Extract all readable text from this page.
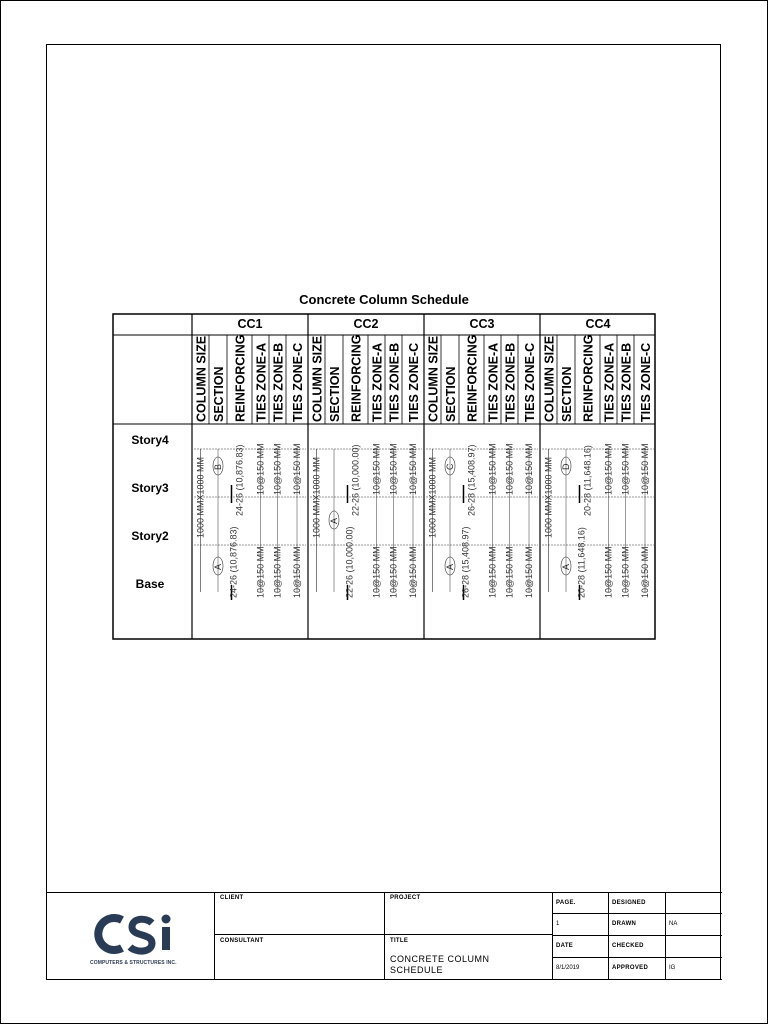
Concrete Column Schedule
Story4
Story3
Story2
Base
CC1
COLUMN SIZE SECTION REINFORCING TIES ZONE-A TIES ZONE-B TIES ZONE-C
1000 MMX1000 MM
A
B 24-26 (10,876.83)
24-26 (10,876.83)
10@150 MM
10@150 MM
10@150 MM
10@150 MM
10@150 MM
10@150 MM
CC2
COLUMN SIZE SECTION REINFORCING TIES ZONE-A TIES ZONE-B TIES ZONE-C
1000 MMX1000 MM A
22-26 (10,000.00)
22-26 (10,000.00)
10@150 MM
10@150 MM
10@150 MM
10@150 MM
10@150 MM
10@150 MM
CC3
COLUMN SIZE SECTION REINFORCING TIES ZONE-A TIES ZONE-B TIES ZONE-C
1000 MMX1000 MM
A
C 26-28 (15,408.97)
26-28 (15,408.97)
10@150 MM
10@150 MM
10@150 MM
10@150 MM
10@150 MM
10@150 MM
CC4
COLUMN SIZE SECTION REINFORCING TIES ZONE-A TIES ZONE-B TIES ZONE-C
1000 MMX1000 MM
A
D 20-28 (11,648.16)
20-28 (11,648.16)
10@150 MM
10@150 MM
10@150 MM
10@150 MM
10@150 MM
10@150 MM
COMPUTERS & STRUCTURES INC.
CLIENT
CONSULTANT
PROJECT
TITLE
CONCRETE COLUMN
SCHEDULE
PAGE.
1
DATE
8/1/2019
DESIGNED
DRAWN	NA
CHECKED
APPROVED	IG
